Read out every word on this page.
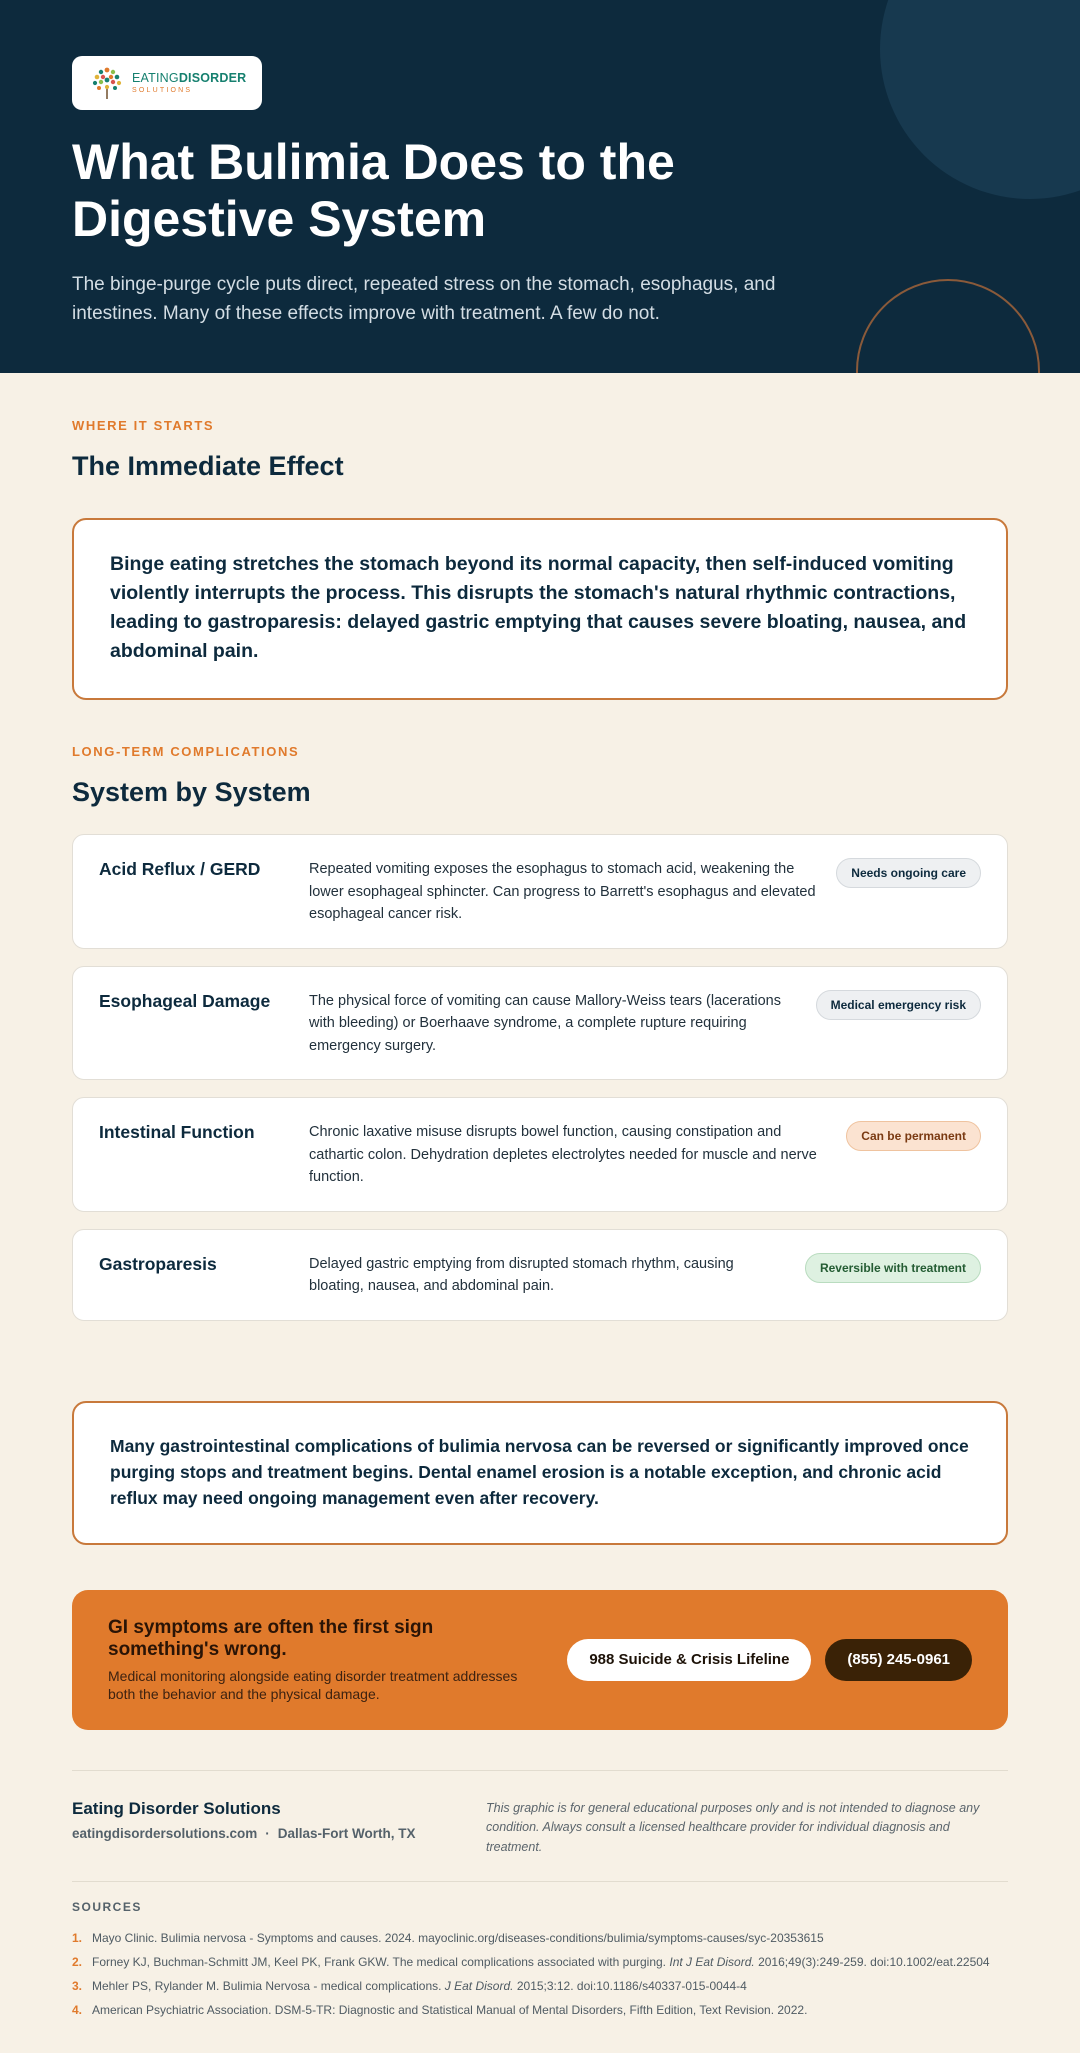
EATINGDISORDER
SOLUTIONS
What Bulimia Does to the Digestive System

The binge-purge cycle puts direct, repeated stress on the stomach, esophagus, and intestines. Many of these effects improve with treatment. A few do not.

WHERE IT STARTS
The Immediate Effect
Binge eating stretches the stomach beyond its normal capacity, then self-induced vomiting violently interrupts the process. This disrupts the stomach's natural rhythmic contractions, leading to gastroparesis: delayed gastric emptying that causes severe bloating, nausea, and abdominal pain.
LONG-TERM COMPLICATIONS
System by System
Acid Reflux / GERD	Repeated vomiting exposes the esophagus to stomach acid, weakening the lower esophageal sphincter. Can progress to Barrett's esophagus and elevated esophageal cancer risk.
Needs ongoing care
Esophageal Damage	The physical force of vomiting can cause Mallory-Weiss tears (lacerations with bleeding) or Boerhaave syndrome, a complete rupture requiring emergency surgery.
Medical emergency risk
Intestinal Function	Chronic laxative misuse disrupts bowel function, causing constipation and cathartic colon. Dehydration depletes electrolytes needed for muscle and nerve function.
Can be permanent
Gastroparesis	Delayed gastric emptying from disrupted stomach rhythm, causing bloating, nausea, and abdominal pain.
Reversible with treatment
Many gastrointestinal complications of bulimia nervosa can be reversed or significantly improved once purging stops and treatment begins. Dental enamel erosion is a notable exception, and chronic acid reflux may need ongoing management even after recovery.
GI symptoms are often the first sign something's wrong.
Medical monitoring alongside eating disorder treatment addresses both the behavior and the physical damage.
988 Suicide & Crisis Lifeline	(855) 245-0961
Eating Disorder Solutions
eatingdisordersolutions.com · Dallas-Fort Worth, TX

This graphic is for general educational purposes only and is not intended to diagnose any condition. Always consult a licensed healthcare provider for individual diagnosis and treatment.

SOURCES
1. Mayo Clinic. Bulimia nervosa - Symptoms and causes. 2024. mayoclinic.org/diseases-conditions/bulimia/symptoms-causes/syc-20353615
2. Forney KJ, Buchman-Schmitt JM, Keel PK, Frank GKW. The medical complications associated with purging. Int J Eat Disord. 2016;49(3):249-259. doi:10.1002/eat.22504
3. Mehler PS, Rylander M. Bulimia Nervosa - medical complications. J Eat Disord. 2015;3:12. doi:10.1186/s40337-015-0044-4
4. American Psychiatric Association. DSM-5-TR: Diagnostic and Statistical Manual of Mental Disorders, Fifth Edition, Text Revision. 2022.
